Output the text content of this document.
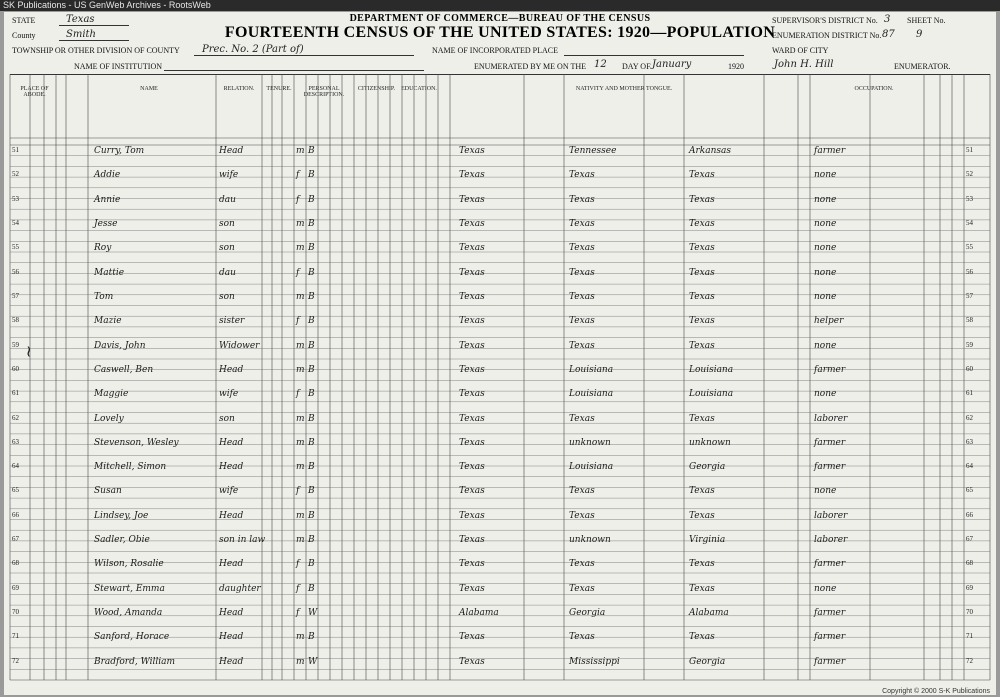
SK Publications - US GenWeb Archives - RootsWeb
DEPARTMENT OF COMMERCE—BUREAU OF THE CENSUS
FOURTEENTH CENSUS OF THE UNITED STATES: 1920—POPULATION
STATE	Texas
County	Smith
TOWNSHIP OR OTHER DIVISION OF COUNTY Prec. No. 2 (Part of)	NAME OF INCORPORATED PLACE
NAME OF INSTITUTION
SUPERVISOR'S DISTRICT No. 3
ENUMERATION DISTRICT No. 87
SHEET No.
9
WARD OF CITY
ENUMERATED BY ME ON THE 12 DAY OF January	1920	John H. Hill	ENUMERATOR.
PLACE OF ABODE.
NAME	RELATION.	TENURE.	PERSONAL DESCRIPTION.
CITIZENSHIP.	EDUCATION.	NATIVITY AND MOTHER TONGUE.	OCCUPATION.
51	Curry, Tom	Head	m B	Texas	Tennessee	Arkansas	farmer	51
52	Addie	wife	f B	Texas	Texas	Texas	none	52
53	Annie	dau	f B	Texas	Texas	Texas	none	53
54	Jesse	son	m B	Texas	Texas	Texas	none	54
55	Roy	son	m B	Texas	Texas	Texas	none	55
56	Mattie	dau	f B	Texas	Texas	Texas	none	56
57	Tom	son	m B	Texas	Texas	Texas	none	57
58	Mazie	sister	f B	Texas	Texas	Texas	helper	58
59	Davis, John	Widower	m B	Texas	Texas	Texas	none	59
60	Caswell, Ben	Head	m B	Texas	Louisiana	Louisiana	farmer	60
61	Maggie	wife	f B	Texas	Louisiana	Louisiana	none	61
62	Lovely	son	m B	Texas	Texas	Texas	laborer	62
63	Stevenson, Wesley	Head	m B	Texas	unknown	unknown	farmer	63
64	Mitchell, Simon	Head	m B	Texas	Louisiana	Georgia	farmer	64
65	Susan	wife	f B	Texas	Texas	Texas	none	65
66	Lindsey, Joe	Head	m B	Texas	Texas	Texas	laborer	66
67	Sadler, Obie	son in law	m B	Texas	unknown	Virginia	laborer	67
68	Wilson, Rosalie	Head	f B	Texas	Texas	Texas	farmer	68
69	Stewart, Emma	daughter	f B	Texas	Texas	Texas	none	69
70	Wood, Amanda	Head	f W	Alabama	Georgia	Alabama	farmer	70
71	Sanford, Horace	Head	m B	Texas	Texas	Texas	farmer	71
72	Bradford, William	Head	m W	Texas	Mississippi	Georgia	farmer	72
~
Copyright © 2000 S-K Publications
